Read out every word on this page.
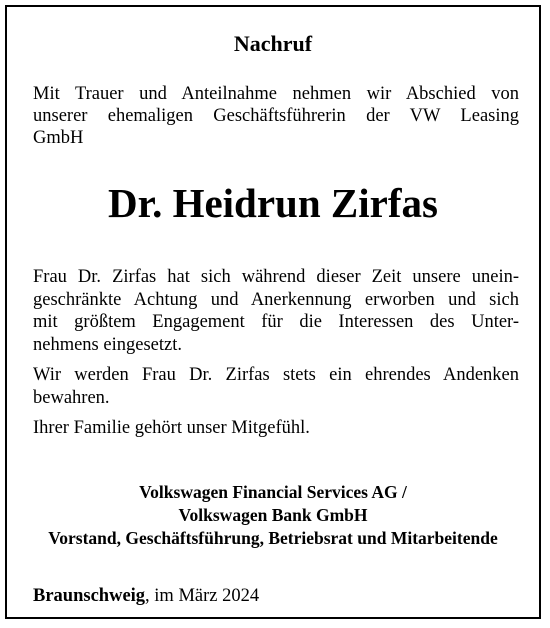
Nachruf
Mit Trauer und Anteilnahme nehmen wir Abschied von
unserer ehemaligen Geschäftsführerin der VW Leasing
GmbH
Dr. Heidrun Zirfas

Frau Dr. Zirfas hat sich während dieser Zeit unsere unein-
geschränkte Achtung und Anerkennung erworben und sich
mit größtem Engagement für die Interessen des Unter-
nehmens eingesetzt.

Wir werden Frau Dr. Zirfas stets ein ehrendes Andenken
bewahren.

Ihrer Familie gehört unser Mitgefühl.

Volkswagen Financial Services AG /
Volkswagen Bank GmbH
Vorstand, Geschäftsführung, Betriebsrat und Mitarbeitende
Braunschweig, im März 2024
